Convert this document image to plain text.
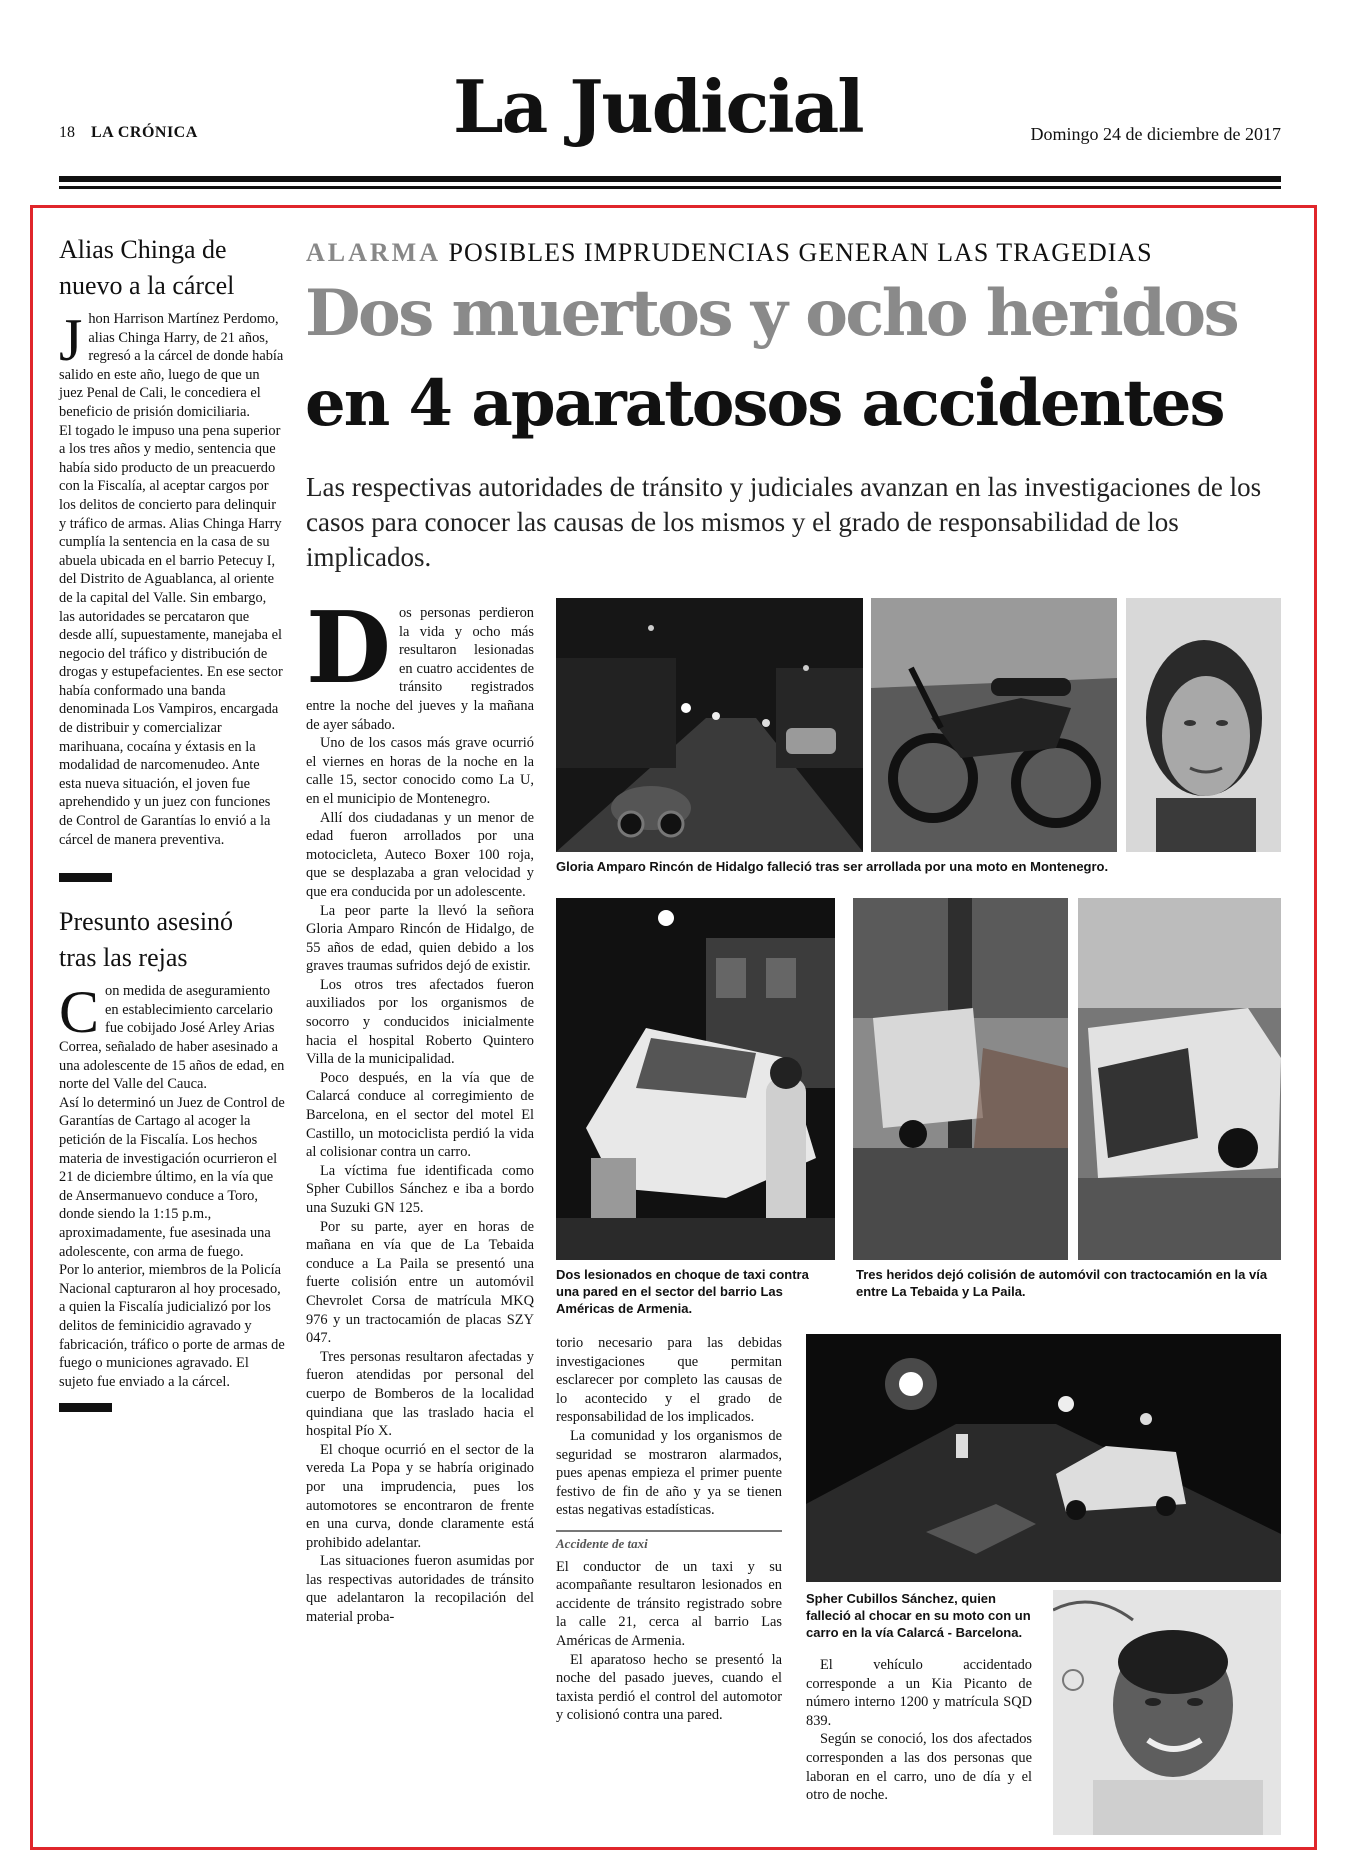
18 LA CRÓNICA	La Judicial	Domingo 24 de diciembre de 2017
Alias Chinga de
nuevo a la cárcel
J hon Harrison Martínez Perdomo, alias Chinga Harry, de 21 años, regresó a la cárcel de donde había salido en este año, luego de que un juez Penal de Cali, le concediera el beneficio de prisión domiciliaria.
El togado le impuso una pena superior a los tres años y medio, sentencia que había sido producto de un preacuerdo con la Fiscalía, al aceptar cargos por los delitos de concierto para delinquir y tráfico de armas. Alias Chinga Harry cumplía la sentencia en la casa de su abuela ubicada en el barrio Petecuy I, del Distrito de Aguablanca, al oriente de la capital del Valle. Sin embargo, las autoridades se percataron que desde allí, supuestamente, manejaba el negocio del tráfico y distribución de drogas y estupefacientes. En ese sector había conformado una banda denominada Los Vampiros, encargada de distribuir y comercializar marihuana, cocaína y éxtasis en la modalidad de narcomenudeo. Ante esta nueva situación, el joven fue aprehendido y un juez con funciones de Control de Garantías lo envió a la cárcel de manera preventiva.
Presunto asesinó
tras las rejas
C on medida de aseguramiento en establecimiento carcelario fue cobijado José Arley Arias Correa, señalado de haber asesinado a una adolescente de 15 años de edad, en norte del Valle del Cauca.
Así lo determinó un Juez de Control de Garantías de Cartago al acoger la petición de la Fiscalía. Los hechos materia de investigación ocurrieron el 21 de diciembre último, en la vía que de Ansermanuevo conduce a Toro, donde siendo la 1:15 p.m., aproximadamente, fue asesinada una adolescente, con arma de fuego.
Por lo anterior, miembros de la Policía Nacional capturaron al hoy procesado, a quien la Fiscalía judicializó por los delitos de feminicidio agravado y fabricación, tráfico o porte de armas de fuego o municiones agravado. El sujeto fue enviado a la cárcel.
ALARMA POSIBLES IMPRUDENCIAS GENERAN LAS TRAGEDIAS
Dos muertos y ocho heridos
en 4 aparatosos accidentes
Las respectivas autoridades de tránsito y judiciales avanzan en las investigaciones de los casos para conocer las causas de los mismos y el grado de responsabilidad de los implicados.
D os personas perdieron la vida y ocho más resultaron lesionadas en cuatro accidentes de tránsito registrados entre la noche del jueves y la mañana de ayer sábado.

Uno de los casos más grave ocurrió el viernes en horas de la noche en la calle 15, sector conocido como La U, en el municipio de Montenegro.

Allí dos ciudadanas y un menor de edad fueron arrollados por una motocicleta, Auteco Boxer 100 roja, que se desplazaba a gran velocidad y que era conducida por un adolescente.

La peor parte la llevó la señora Gloria Amparo Rincón de Hidalgo, de 55 años de edad, quien debido a los graves traumas sufridos dejó de existir.

Los otros tres afectados fueron auxiliados por los organismos de socorro y conducidos inicialmente hacia el hospital Roberto Quintero Villa de la municipalidad.

Poco después, en la vía que de Calarcá conduce al corregimiento de Barcelona, en el sector del motel El Castillo, un motociclista perdió la vida al colisionar contra un carro.

La víctima fue identificada como Spher Cubillos Sánchez e iba a bordo una Suzuki GN 125.

Por su parte, ayer en horas de mañana en vía que de La Tebaida conduce a La Paila se presentó una fuerte colisión entre un automóvil Chevrolet Corsa de matrícula MKQ 976 y un tractocamión de placas SZY 047.

Tres personas resultaron afectadas y fueron atendidas por personal del cuerpo de Bomberos de la localidad quindiana que las traslado hacia el hospital Pío X.

El choque ocurrió en el sector de la vereda La Popa y se habría originado por una imprudencia, pues los automotores se encontraron de frente en una curva, donde claramente está prohibido adelantar.

Las situaciones fueron asumidas por las respectivas autoridades de tránsito que adelantaron la recopilación del material proba-

torio necesario para las debidas investigaciones que permitan esclarecer por completo las causas de lo acontecido y el grado de responsabilidad de los implicados.

La comunidad y los organismos de seguridad se mostraron alarmados, pues apenas empieza el primer puente festivo de fin de año y ya se tienen estas negativas estadísticas.

Accidente de taxi

El conductor de un taxi y su acompañante resultaron lesionados en accidente de tránsito registrado sobre la calle 21, cerca al barrio Las Américas de Armenia.

El aparatoso hecho se presentó la noche del pasado jueves, cuando el taxista perdió el control del automotor y colisionó contra una pared.

El vehículo accidentado corresponde a un Kia Picanto de número interno 1200 y matrícula SQD 839.

Según se conoció, los dos afectados corresponden a las dos personas que laboran en el carro, uno de día y el otro de noche.

Gloria Amparo Rincón de Hidalgo falleció tras ser arrollada por una moto en Montenegro.
Dos lesionados en choque de taxi contra una pared en el sector del barrio Las Américas de Armenia.
Tres heridos dejó colisión de automóvil con tractocamión en la vía entre La Tebaida y La Paila.
Spher Cubillos Sánchez, quien falleció al chocar en su moto con un carro en la vía Calarcá - Barcelona.
